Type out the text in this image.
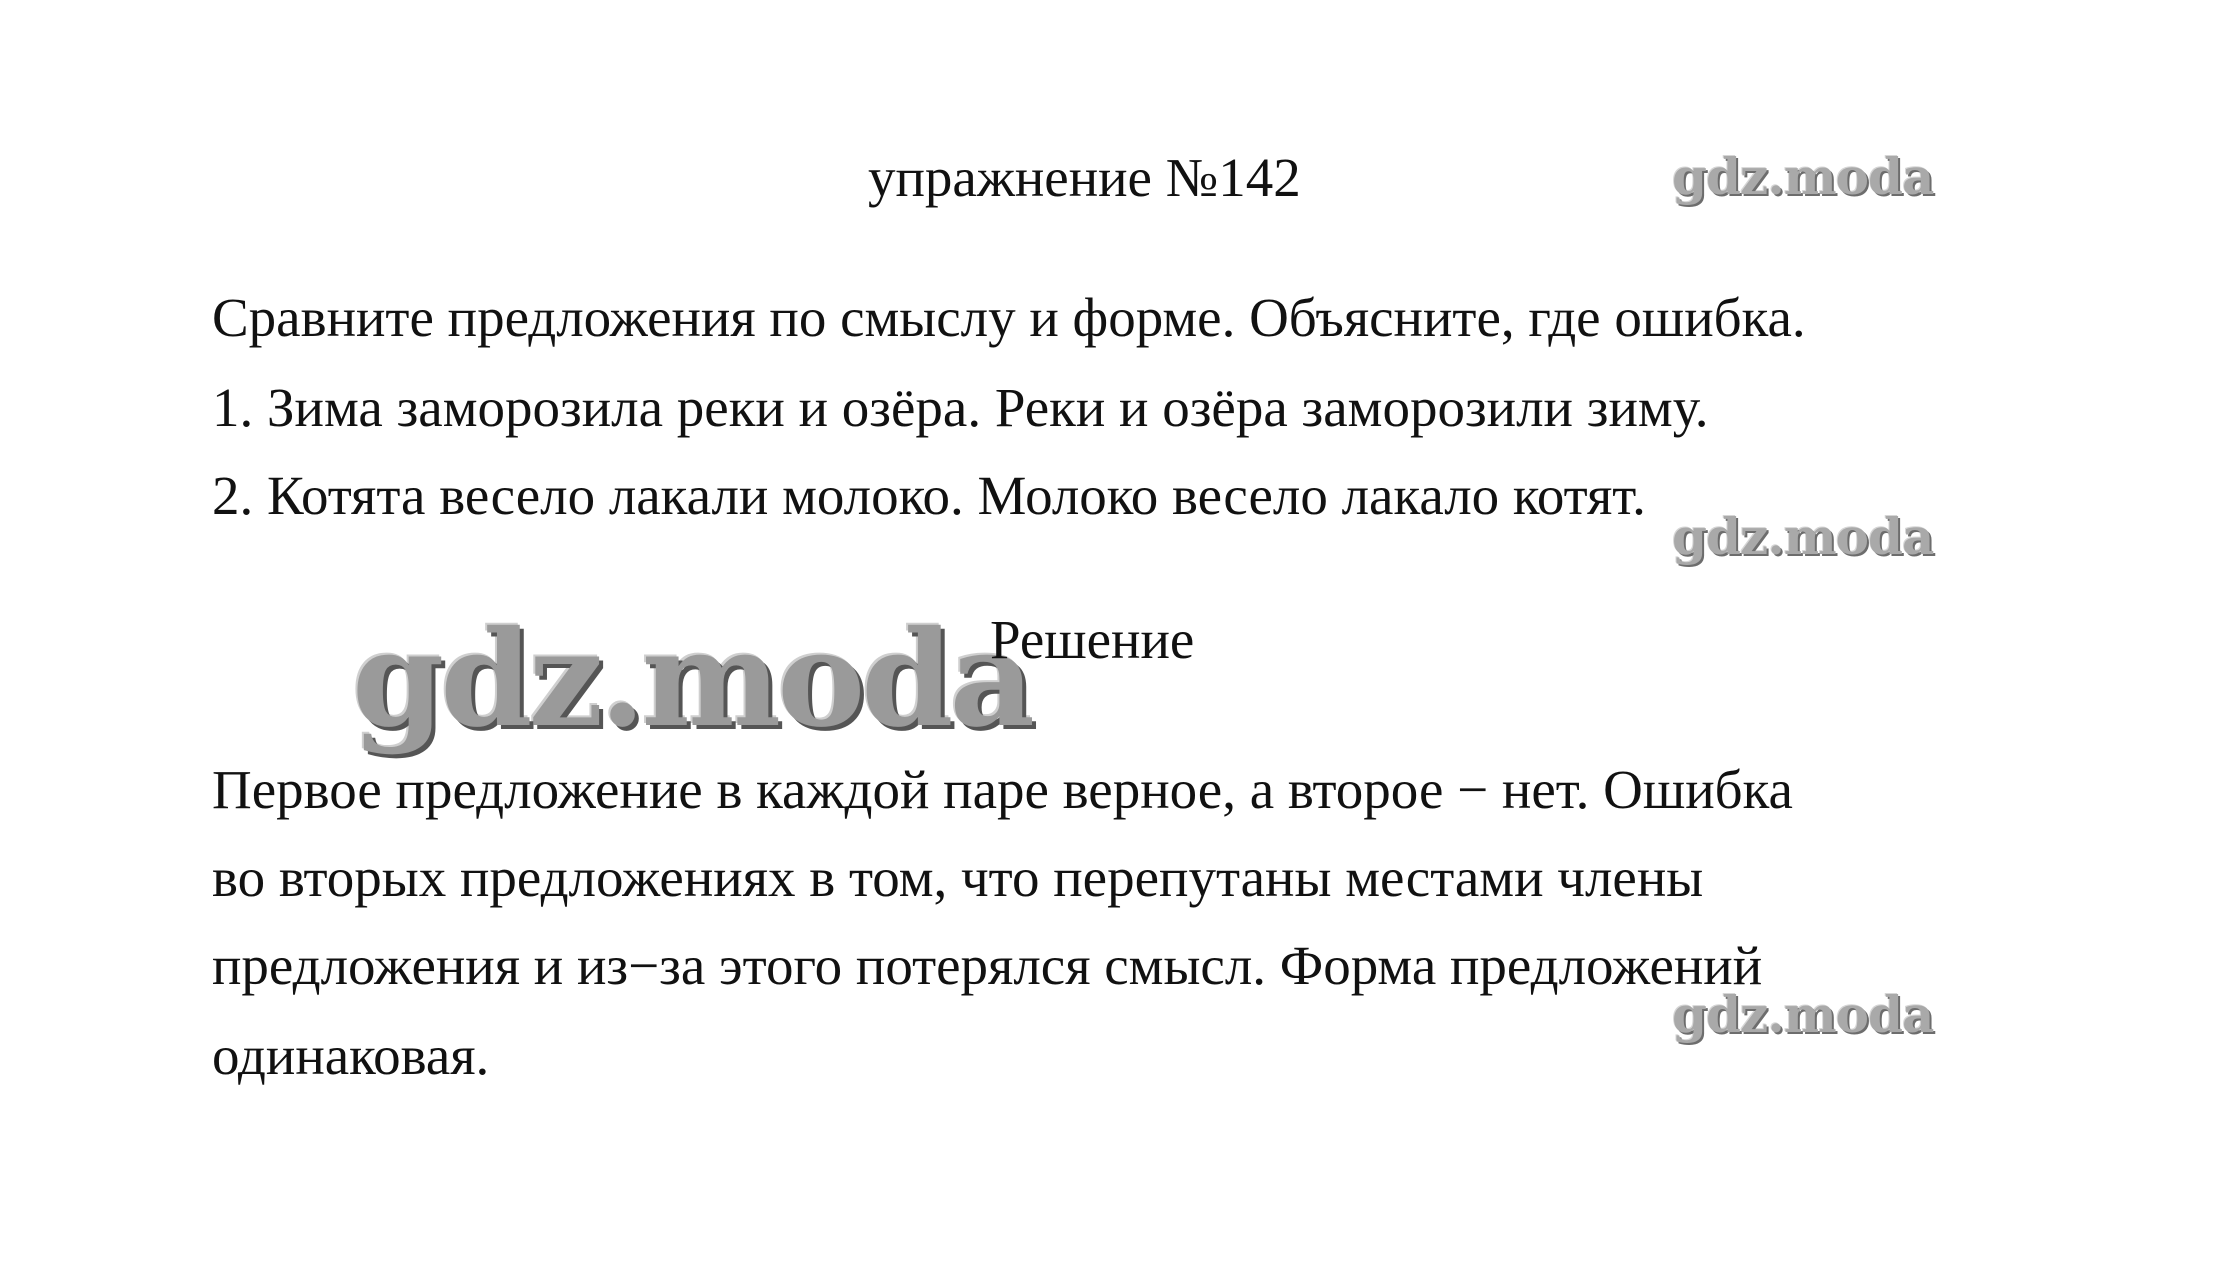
gdz.moda
gdz.moda
gdz.moda
gdz.moda
упражнение №142
Сравните предложения по смыслу и форме. Объясните, где ошибка.
1. Зима заморозила реки и озёра. Реки и озёра заморозили зиму.
2. Котята весело лакали молоко. Молоко весело лакало котят.
Решение
Первое предложение в каждой паре верное, а второе − нет. Ошибка
во вторых предложениях в том, что перепутаны местами члены
предложения и из−за этого потерялся смысл. Форма предложений
одинаковая.
